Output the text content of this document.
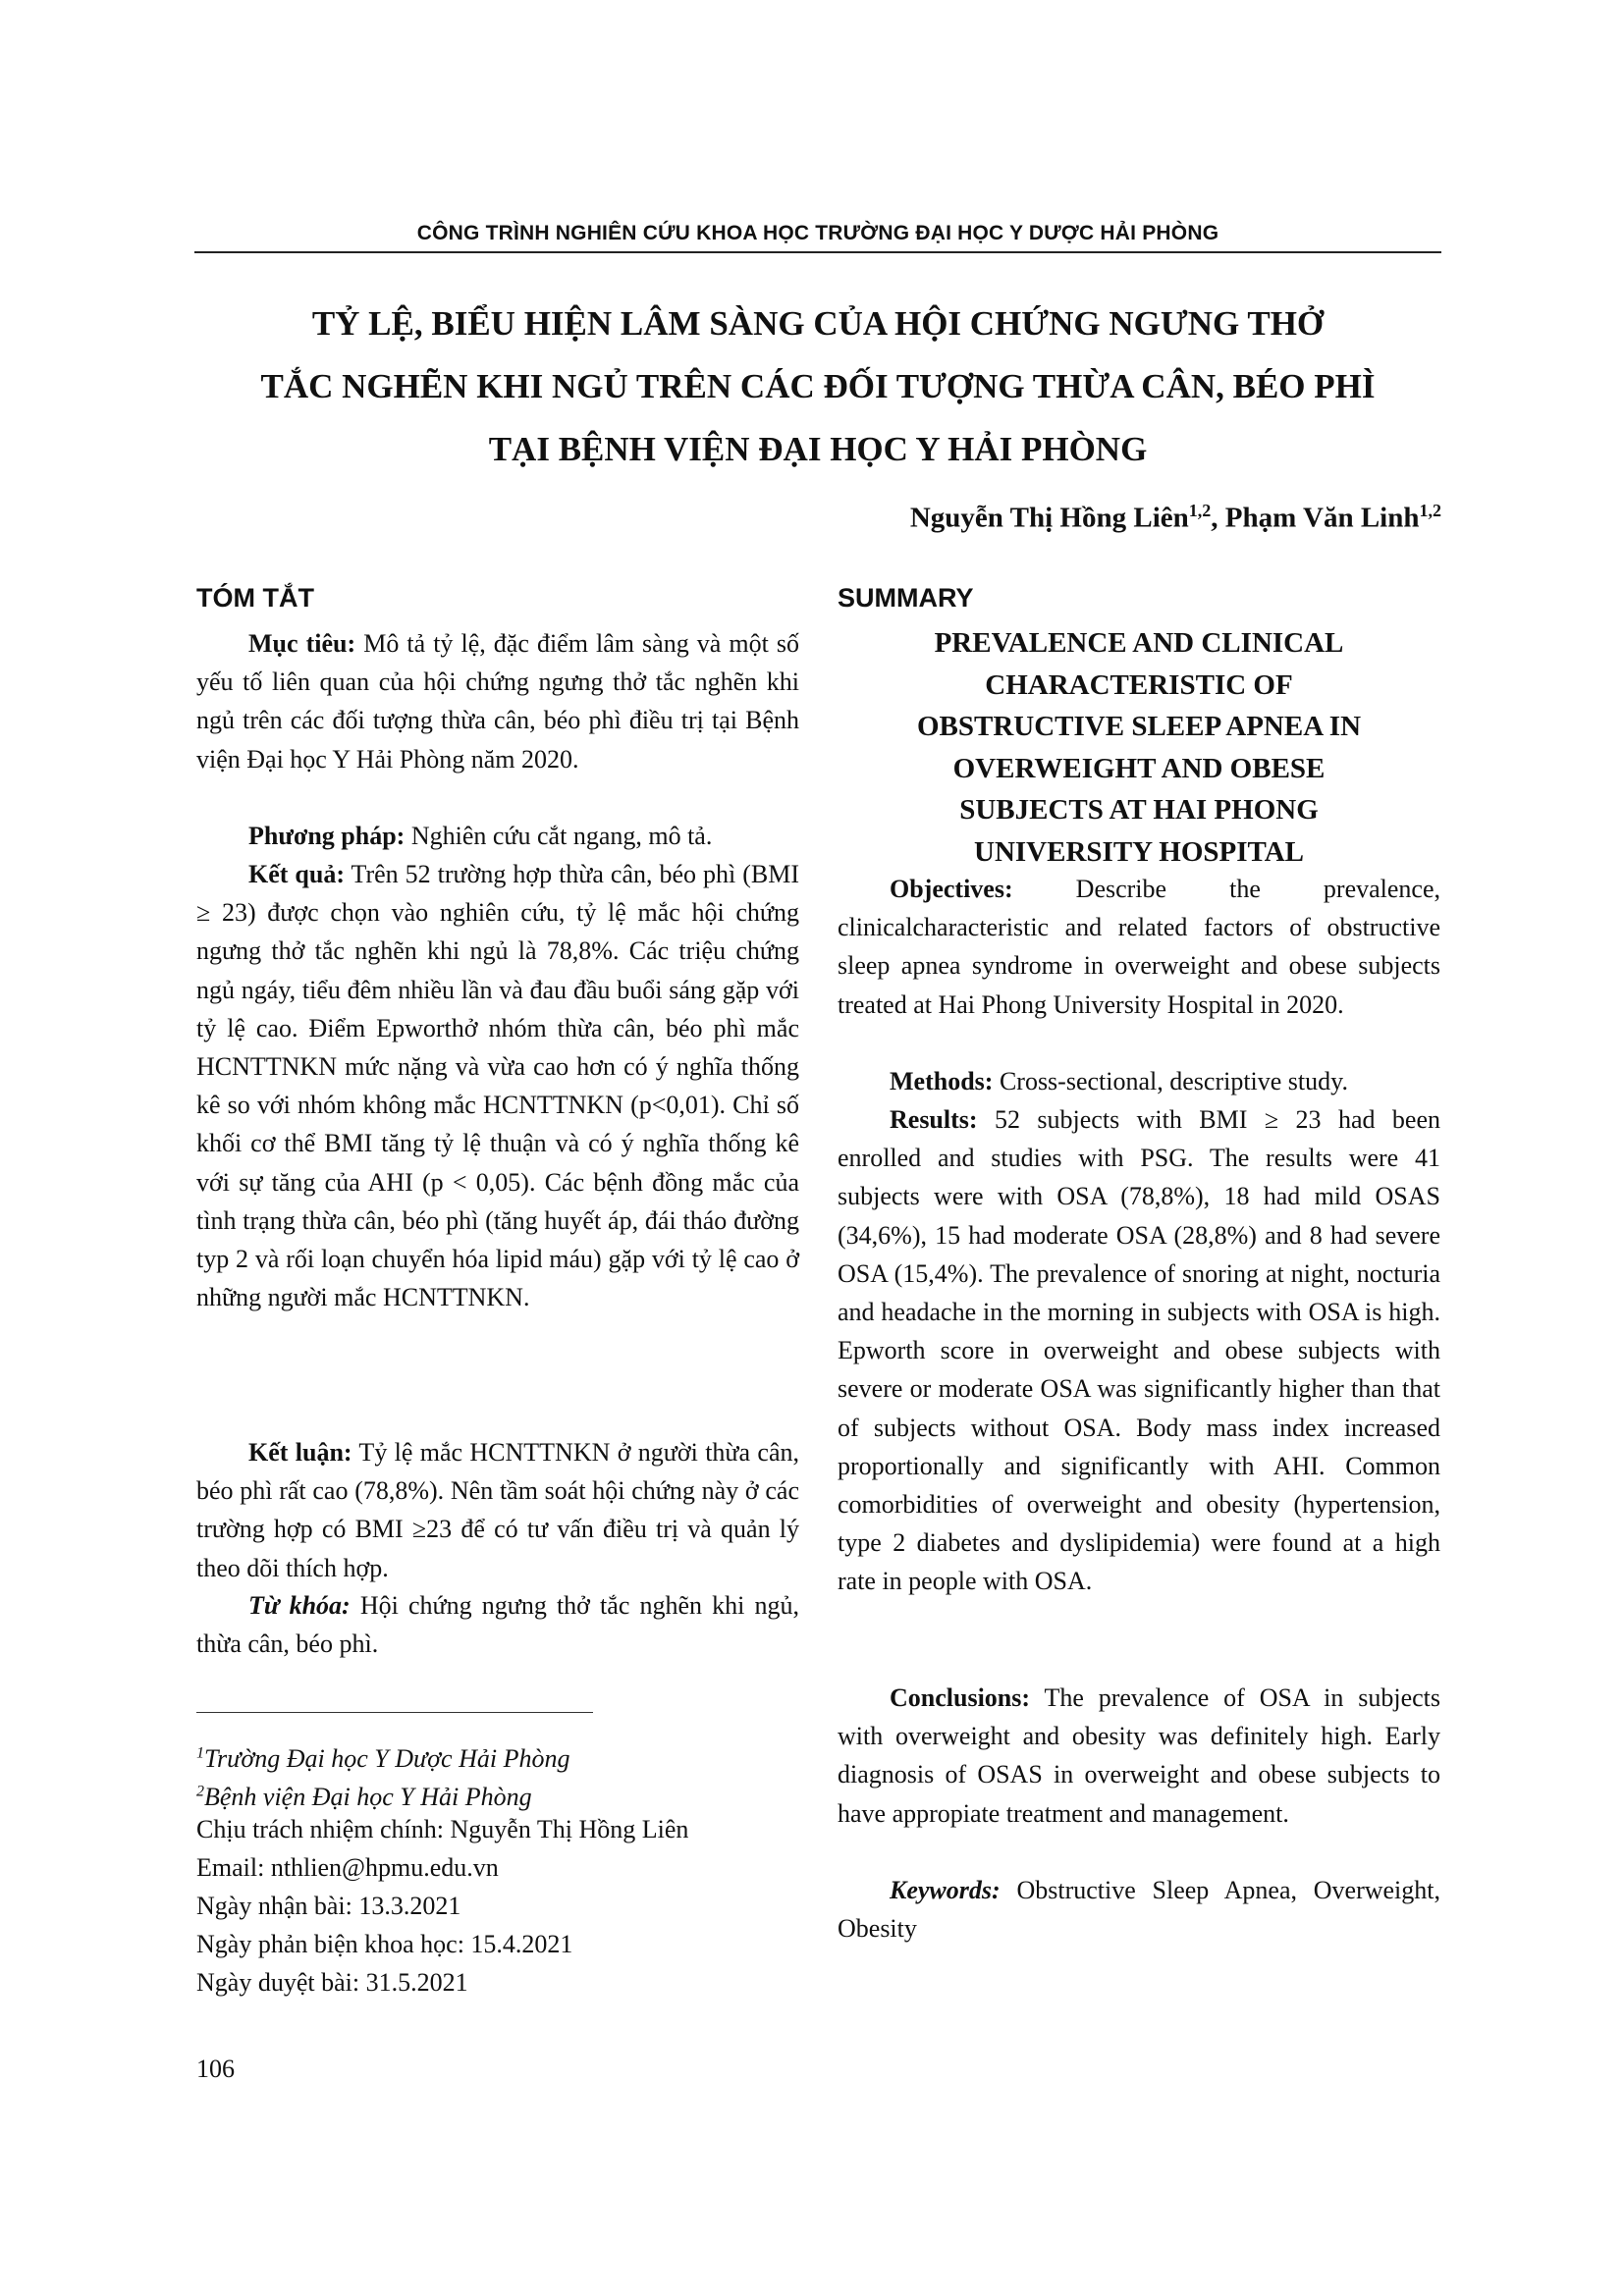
CÔNG TRÌNH NGHIÊN CỨU KHOA HỌC TRƯỜNG ĐẠI HỌC Y DƯỢC HẢI PHÒNG
TỶ LỆ, BIỂU HIỆN LÂM SÀNG CỦA HỘI CHỨNG NGƯNG THỞ
TẮC NGHẼN KHI NGỦ TRÊN CÁC ĐỐI TƯỢNG THỪA CÂN, BÉO PHÌ
TẠI BỆNH VIỆN ĐẠI HỌC Y HẢI PHÒNG
Nguyễn Thị Hồng Liên$^{1,2}$, Phạm Văn Linh$^{1,2}$
TÓM TẮT

Mục tiêu: Mô tả tỷ lệ, đặc điểm lâm sàng và một số yếu tố liên quan của hội chứng ngưng thở tắc nghẽn khi ngủ trên các đối tượng thừa cân, béo phì điều trị tại Bệnh viện Đại học Y Hải Phòng năm 2020.

Phương pháp: Nghiên cứu cắt ngang, mô tả.

Kết quả: Trên 52 trường hợp thừa cân, béo phì (BMI ≥ 23) được chọn vào nghiên cứu, tỷ lệ mắc hội chứng ngưng thở tắc nghẽn khi ngủ là 78,8%. Các triệu chứng ngủ ngáy, tiểu đêm nhiều lần và đau đầu buổi sáng gặp với tỷ lệ cao. Điểm Epworthở nhóm thừa cân, béo phì mắc HCNTTNKN mức nặng và vừa cao hơn có ý nghĩa thống kê so với nhóm không mắc HCNTTNKN (p<0,01). Chỉ số khối cơ thể BMI tăng tỷ lệ thuận và có ý nghĩa thống kê với sự tăng của AHI (p < 0,05). Các bệnh đồng mắc của tình trạng thừa cân, béo phì (tăng huyết áp, đái tháo đường typ 2 và rối loạn chuyển hóa lipid máu) gặp với tỷ lệ cao ở những người mắc HCNTTNKN.

Kết luận: Tỷ lệ mắc HCNTTNKN ở người thừa cân, béo phì rất cao (78,8%). Nên tầm soát hội chứng này ở các trường hợp có BMI ≥23 để có tư vấn điều trị và quản lý theo dõi thích hợp.

Từ khóa: Hội chứng ngưng thở tắc nghẽn khi ngủ, thừa cân, béo phì.

$^1$Trường Đại học Y Dược Hải Phòng
$^2$Bệnh viện Đại học Y Hải Phòng
Chịu trách nhiệm chính: Nguyễn Thị Hồng Liên
Email: nthlien@hpmu.edu.vn
Ngày nhận bài: 13.3.2021
Ngày phản biện khoa học: 15.4.2021
Ngày duyệt bài: 31.5.2021
106
SUMMARY
PREVALENCE AND CLINICAL
CHARACTERISTIC OF
OBSTRUCTIVE SLEEP APNEA IN
OVERWEIGHT AND OBESE
SUBJECTS AT HAI PHONG
UNIVERSITY HOSPITAL

Objectives: Describe the prevalence, clinicalcharacteristic and related factors of obstructive sleep apnea syndrome in overweight and obese subjects treated at Hai Phong University Hospital in 2020.

Methods: Cross-sectional, descriptive study.

Results: 52 subjects with BMI ≥ 23 had been enrolled and studies with PSG. The results were 41 subjects were with OSA (78,8%), 18 had mild OSAS (34,6%), 15 had moderate OSA (28,8%) and 8 had severe OSA (15,4%). The prevalence of snoring at night, nocturia and headache in the morning in subjects with OSA is high. Epworth score in overweight and obese subjects with severe or moderate OSA was significantly higher than that of subjects without OSA. Body mass index increased proportionally and significantly with AHI. Common comorbidities of overweight and obesity (hypertension, type 2 diabetes and dyslipidemia) were found at a high rate in people with OSA.

Conclusions: The prevalence of OSA in subjects with overweight and obesity was definitely high. Early diagnosis of OSAS in overweight and obese subjects to have appropiate treatment and management.

Keywords: Obstructive Sleep Apnea, Overweight, Obesity
